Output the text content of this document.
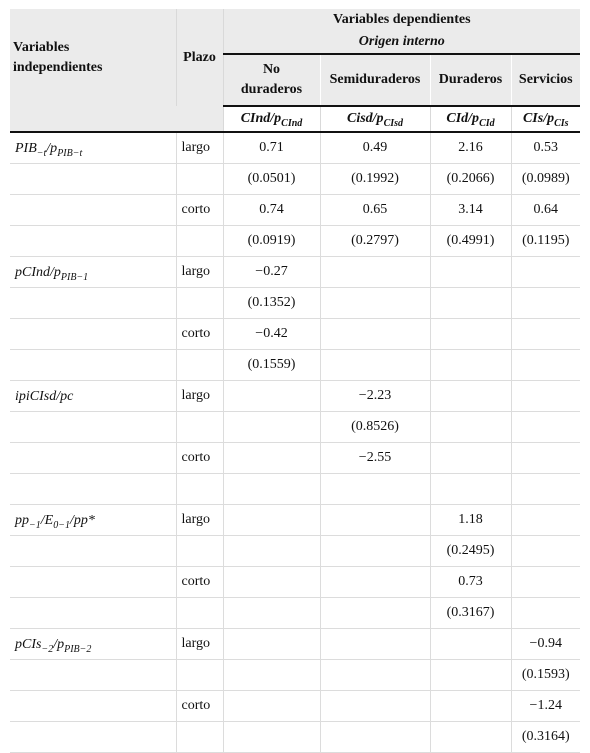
Variables
independientes	Plazo	Variables dependientes			
		Origen interno			
		No
duraderos	Semiduraderos	Duraderos	Servicios
		CInd/$p_{CInd}$	Cisd/$p_{CIsd}$	CId/$p_{CId}$	CIs/$p_{CIs}$
$PIB_{-t}/p_{PIB-t}$	largo	0.71	0.49	2.16	0.53
		(0.0501)	(0.1992)	(0.2066)	(0.0989)
	corto	0.74	0.65	3.14	0.64
		(0.0919)	(0.2797)	(0.4991)	(0.1195)
pCInd/$p_{PIB-1}$	largo	−0.27			
		(0.1352)			
	corto	−0.42			
		(0.1559)			
ipiCIsd/pc	largo		−2.23		
			(0.8526)		
	corto		−2.55		

$pp_{-1}/E_{0-1}/pp*$	largo			1.18	
				(0.2495)	
	corto			0.73	
				(0.3167)	
$pCIs_{-2}/p_{PIB-2}$	largo				−0.94
					(0.1593)
	corto				−1.24
					(0.3164)
